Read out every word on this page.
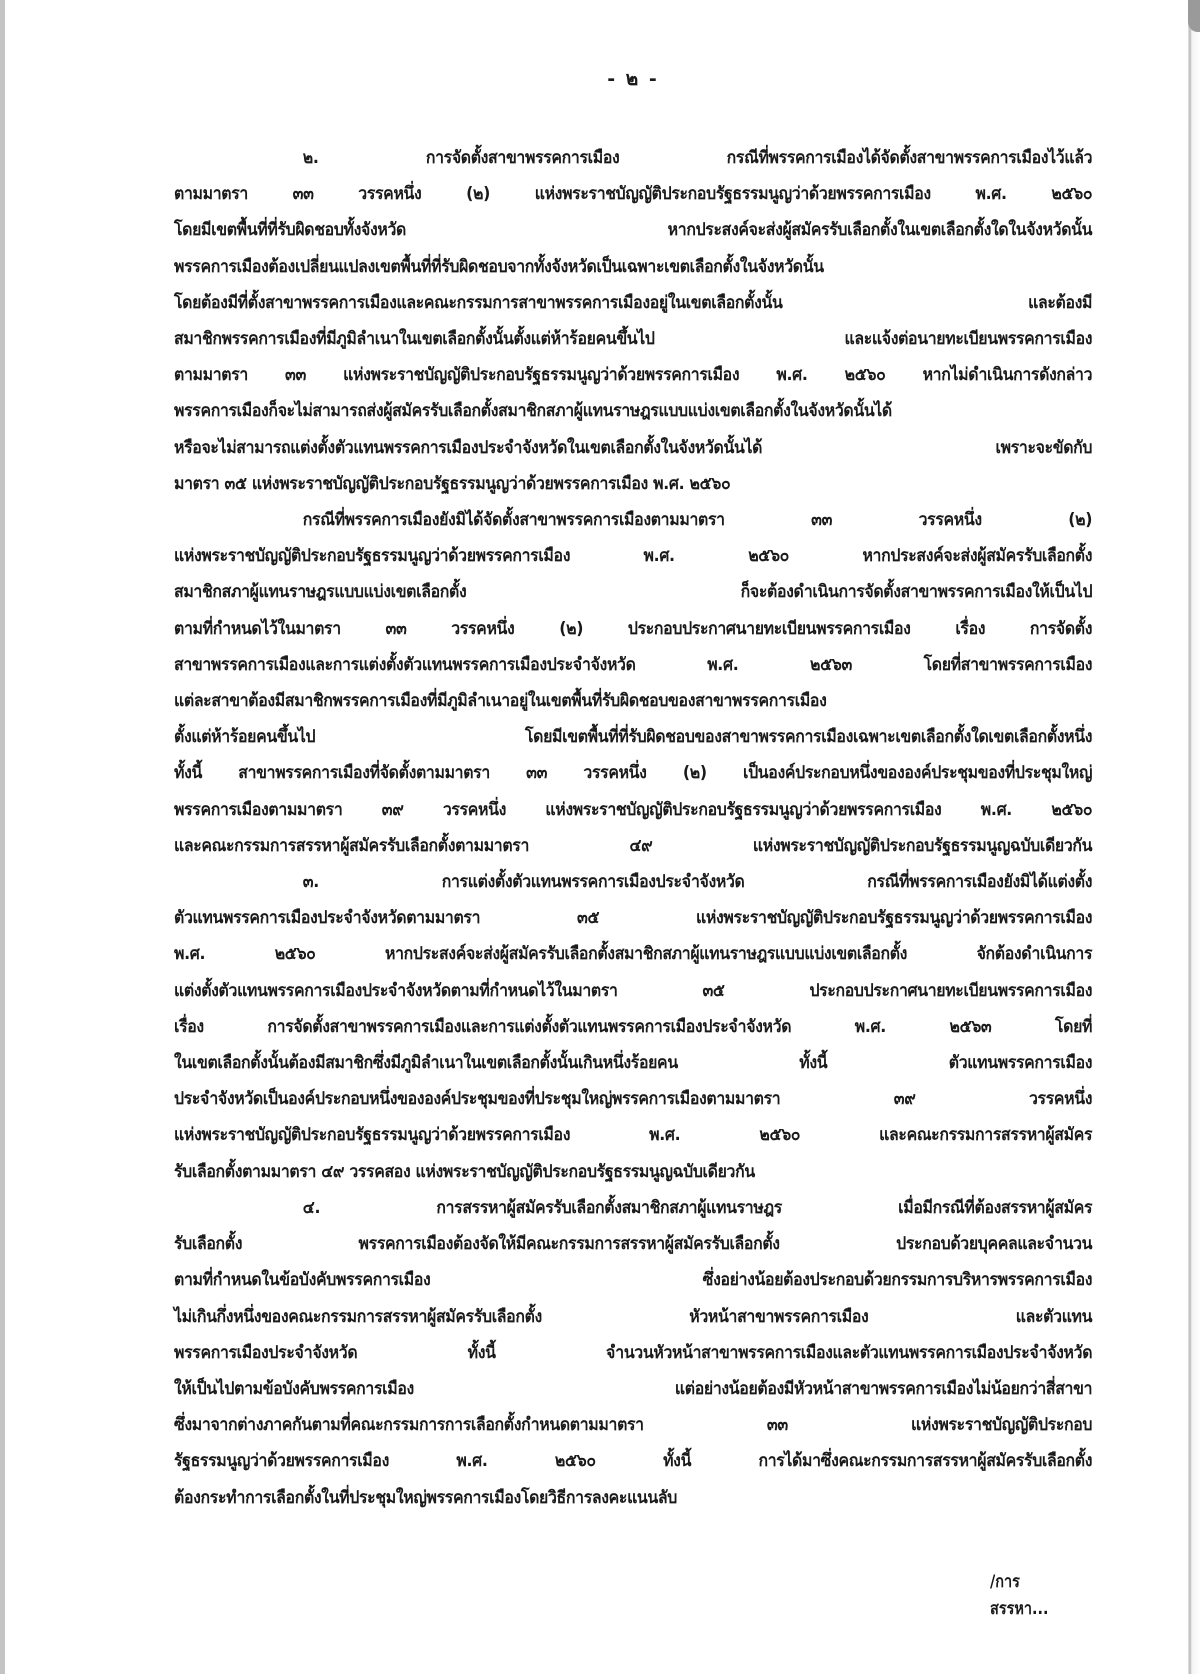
- ๒ -
๒. การจัดตั้งสาขาพรรคการเมือง กรณีที่พรรคการเมืองได้จัดตั้งสาขาพรรคการเมืองไว้แล้ว
ตามมาตรา ๓๓ วรรคหนึ่ง (๒) แห่งพระราชบัญญัติประกอบรัฐธรรมนูญว่าด้วยพรรคการเมือง พ.ศ. ๒๕๖๐
โดยมีเขตพื้นที่ที่รับผิดชอบทั้งจังหวัด หากประสงค์จะส่งผู้สมัครรับเลือกตั้งในเขตเลือกตั้งใดในจังหวัดนั้น
พรรคการเมืองต้องเปลี่ยนแปลงเขตพื้นที่ที่รับผิดชอบจากทั้งจังหวัดเป็นเฉพาะเขตเลือกตั้งในจังหวัดนั้น
โดยต้องมีที่ตั้งสาขาพรรคการเมืองและคณะกรรมการสาขาพรรคการเมืองอยู่ในเขตเลือกตั้งนั้น และต้องมี
สมาชิกพรรคการเมืองที่มีภูมิลำเนาในเขตเลือกตั้งนั้นตั้งแต่ห้าร้อยคนขึ้นไป และแจ้งต่อนายทะเบียนพรรคการเมือง
ตามมาตรา ๓๓ แห่งพระราชบัญญัติประกอบรัฐธรรมนูญว่าด้วยพรรคการเมือง พ.ศ. ๒๕๖๐ หากไม่ดำเนินการดังกล่าว
พรรคการเมืองก็จะไม่สามารถส่งผู้สมัครรับเลือกตั้งสมาชิกสภาผู้แทนราษฎรแบบแบ่งเขตเลือกตั้งในจังหวัดนั้นได้
หรือจะไม่สามารถแต่งตั้งตัวแทนพรรคการเมืองประจำจังหวัดในเขตเลือกตั้งในจังหวัดนั้นได้ เพราะจะขัดกับ
มาตรา ๓๕ แห่งพระราชบัญญัติประกอบรัฐธรรมนูญว่าด้วยพรรคการเมือง พ.ศ. ๒๕๖๐
กรณีที่พรรคการเมืองยังมิได้จัดตั้งสาขาพรรคการเมืองตามมาตรา ๓๓ วรรคหนึ่ง (๒)
แห่งพระราชบัญญัติประกอบรัฐธรรมนูญว่าด้วยพรรคการเมือง พ.ศ. ๒๕๖๐ หากประสงค์จะส่งผู้สมัครรับเลือกตั้ง
สมาชิกสภาผู้แทนราษฎรแบบแบ่งเขตเลือกตั้ง ก็จะต้องดำเนินการจัดตั้งสาขาพรรคการเมืองให้เป็นไป
ตามที่กำหนดไว้ในมาตรา ๓๓ วรรคหนึ่ง (๒) ประกอบประกาศนายทะเบียนพรรคการเมือง เรื่อง การจัดตั้ง
สาขาพรรคการเมืองและการแต่งตั้งตัวแทนพรรคการเมืองประจำจังหวัด พ.ศ. ๒๕๖๓ โดยที่สาขาพรรคการเมือง
แต่ละสาขาต้องมีสมาชิกพรรคการเมืองที่มีภูมิลำเนาอยู่ในเขตพื้นที่รับผิดชอบของสาขาพรรคการเมือง
ตั้งแต่ห้าร้อยคนขึ้นไป โดยมีเขตพื้นที่ที่รับผิดชอบของสาขาพรรคการเมืองเฉพาะเขตเลือกตั้งใดเขตเลือกตั้งหนึ่ง
ทั้งนี้ สาขาพรรคการเมืองที่จัดตั้งตามมาตรา ๓๓ วรรคหนึ่ง (๒) เป็นองค์ประกอบหนึ่งขององค์ประชุมของที่ประชุมใหญ่
พรรคการเมืองตามมาตรา ๓๙ วรรคหนึ่ง แห่งพระราชบัญญัติประกอบรัฐธรรมนูญว่าด้วยพรรคการเมือง พ.ศ. ๒๕๖๐
และคณะกรรมการสรรหาผู้สมัครรับเลือกตั้งตามมาตรา ๔๙ แห่งพระราชบัญญัติประกอบรัฐธรรมนูญฉบับเดียวกัน
๓. การแต่งตั้งตัวแทนพรรคการเมืองประจำจังหวัด กรณีที่พรรคการเมืองยังมิได้แต่งตั้ง
ตัวแทนพรรคการเมืองประจำจังหวัดตามมาตรา ๓๕ แห่งพระราชบัญญัติประกอบรัฐธรรมนูญว่าด้วยพรรคการเมือง
พ.ศ. ๒๕๖๐ หากประสงค์จะส่งผู้สมัครรับเลือกตั้งสมาชิกสภาผู้แทนราษฎรแบบแบ่งเขตเลือกตั้ง จักต้องดำเนินการ
แต่งตั้งตัวแทนพรรคการเมืองประจำจังหวัดตามที่กำหนดไว้ในมาตรา ๓๕ ประกอบประกาศนายทะเบียนพรรคการเมือง
เรื่อง การจัดตั้งสาขาพรรคการเมืองและการแต่งตั้งตัวแทนพรรคการเมืองประจำจังหวัด พ.ศ. ๒๕๖๓ โดยที่
ในเขตเลือกตั้งนั้นต้องมีสมาชิกซึ่งมีภูมิลำเนาในเขตเลือกตั้งนั้นเกินหนึ่งร้อยคน ทั้งนี้ ตัวแทนพรรคการเมือง
ประจำจังหวัดเป็นองค์ประกอบหนึ่งขององค์ประชุมของที่ประชุมใหญ่พรรคการเมืองตามมาตรา ๓๙ วรรคหนึ่ง
แห่งพระราชบัญญัติประกอบรัฐธรรมนูญว่าด้วยพรรคการเมือง พ.ศ. ๒๕๖๐ และคณะกรรมการสรรหาผู้สมัคร
รับเลือกตั้งตามมาตรา ๔๙ วรรคสอง แห่งพระราชบัญญัติประกอบรัฐธรรมนูญฉบับเดียวกัน
๔. การสรรหาผู้สมัครรับเลือกตั้งสมาชิกสภาผู้แทนราษฎร เมื่อมีกรณีที่ต้องสรรหาผู้สมัคร
รับเลือกตั้ง พรรคการเมืองต้องจัดให้มีคณะกรรมการสรรหาผู้สมัครรับเลือกตั้ง ประกอบด้วยบุคคลและจำนวน
ตามที่กำหนดในข้อบังคับพรรคการเมือง ซึ่งอย่างน้อยต้องประกอบด้วยกรรมการบริหารพรรคการเมือง
ไม่เกินกึ่งหนึ่งของคณะกรรมการสรรหาผู้สมัครรับเลือกตั้ง หัวหน้าสาขาพรรคการเมือง และตัวแทน
พรรคการเมืองประจำจังหวัด ทั้งนี้ จำนวนหัวหน้าสาขาพรรคการเมืองและตัวแทนพรรคการเมืองประจำจังหวัด
ให้เป็นไปตามข้อบังคับพรรคการเมือง แต่อย่างน้อยต้องมีหัวหน้าสาขาพรรคการเมืองไม่น้อยกว่าสี่สาขา
ซึ่งมาจากต่างภาคกันตามที่คณะกรรมการการเลือกตั้งกำหนดตามมาตรา ๓๓ แห่งพระราชบัญญัติประกอบ
รัฐธรรมนูญว่าด้วยพรรคการเมือง พ.ศ. ๒๕๖๐ ทั้งนี้ การได้มาซึ่งคณะกรรมการสรรหาผู้สมัครรับเลือกตั้ง
ต้องกระทำการเลือกตั้งในที่ประชุมใหญ่พรรคการเมืองโดยวิธีการลงคะแนนลับ
/การสรรหา...
